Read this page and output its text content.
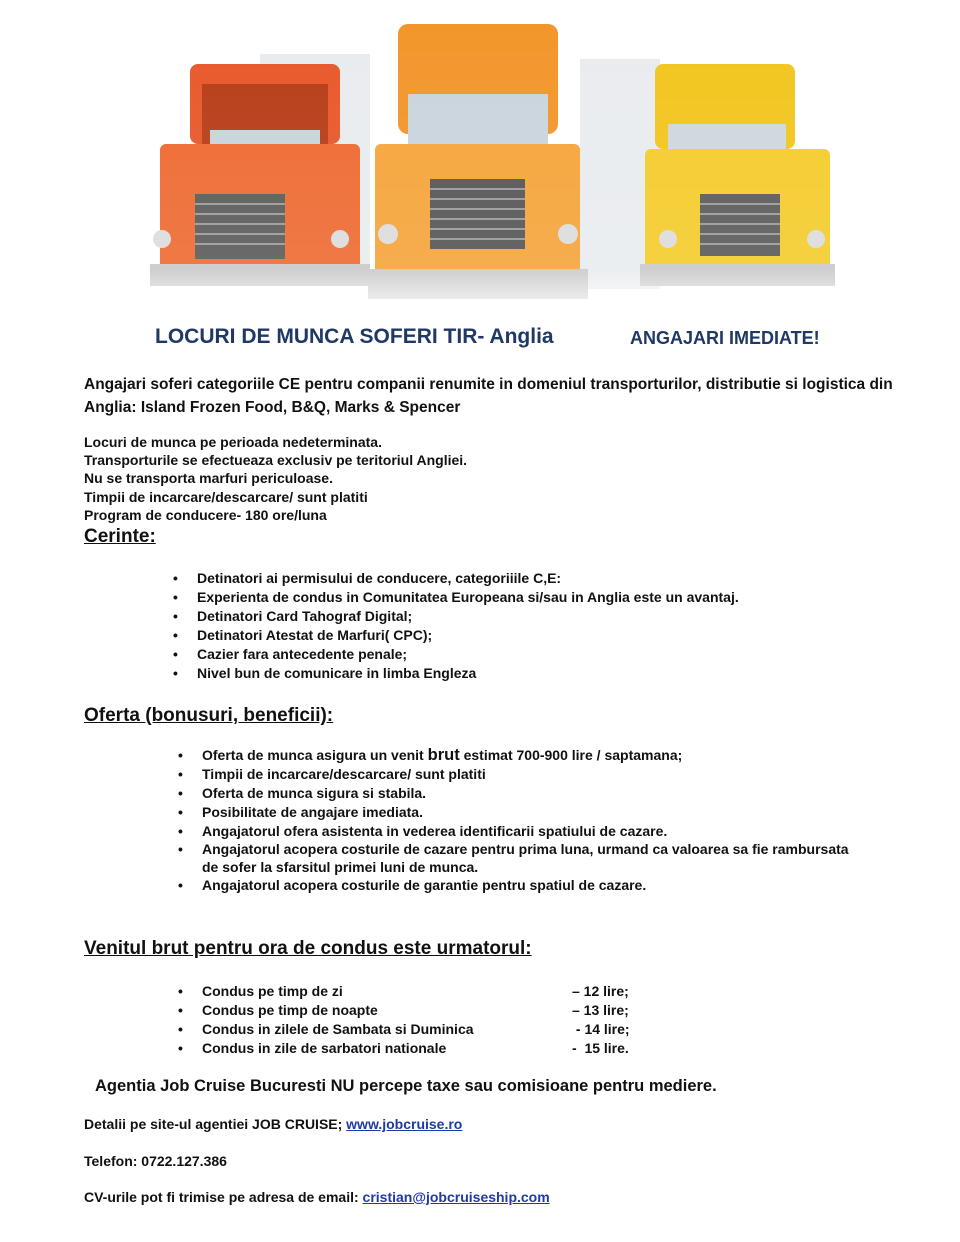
LOCURI DE MUNCA SOFERI TIR- Anglia	ANGAJARI IMEDIATE!
Angajari soferi categoriile CE pentru companii renumite in domeniul transporturilor, distributie si logistica din Anglia: Island Frozen Food, B&Q, Marks & Spencer
Locuri de munca pe perioada nedeterminata.
Transporturile se efectueaza exclusiv pe teritoriul Angliei.
Nu se transporta marfuri periculoase.
Timpii de incarcare/descarcare/ sunt platiti
Program de conducere- 180 ore/luna
Cerinte:
• Detinatori ai permisului de conducere, categoriiile C,E:
• Experienta de condus in Comunitatea Europeana si/sau in Anglia este un avantaj.
• Detinatori Card Tahograf Digital;
• Detinatori Atestat de Marfuri( CPC);
• Cazier fara antecedente penale;
• Nivel bun de comunicare in limba Engleza
Oferta (bonusuri, beneficii):
• Oferta de munca asigura un venit brut estimat 700-900 lire / saptamana;
• Timpii de incarcare/descarcare/ sunt platiti
• Oferta de munca sigura si stabila.
• Posibilitate de angajare imediata.
• Angajatorul ofera asistenta in vederea identificarii spatiului de cazare.
• Angajatorul acopera costurile de cazare pentru prima luna, urmand ca valoarea sa fie rambursata de sofer la sfarsitul primei luni de munca.
• Angajatorul acopera costurile de garantie pentru spatiul de cazare.
Venitul brut pentru ora de condus este urmatorul:
• Condus pe timp de zi	– 12 lire;
• Condus pe timp de noapte	– 13 lire;
• Condus in zilele de Sambata si Duminica	- 14 lire;
• Condus in zile de sarbatori nationale	-  15 lire.
Agentia Job Cruise Bucuresti NU percepe taxe sau comisioane pentru mediere.
Detalii pe site-ul agentiei JOB CRUISE; www.jobcruise.ro
Telefon: 0722.127.386
CV-urile pot fi trimise pe adresa de email: cristian@jobcruiseship.com
